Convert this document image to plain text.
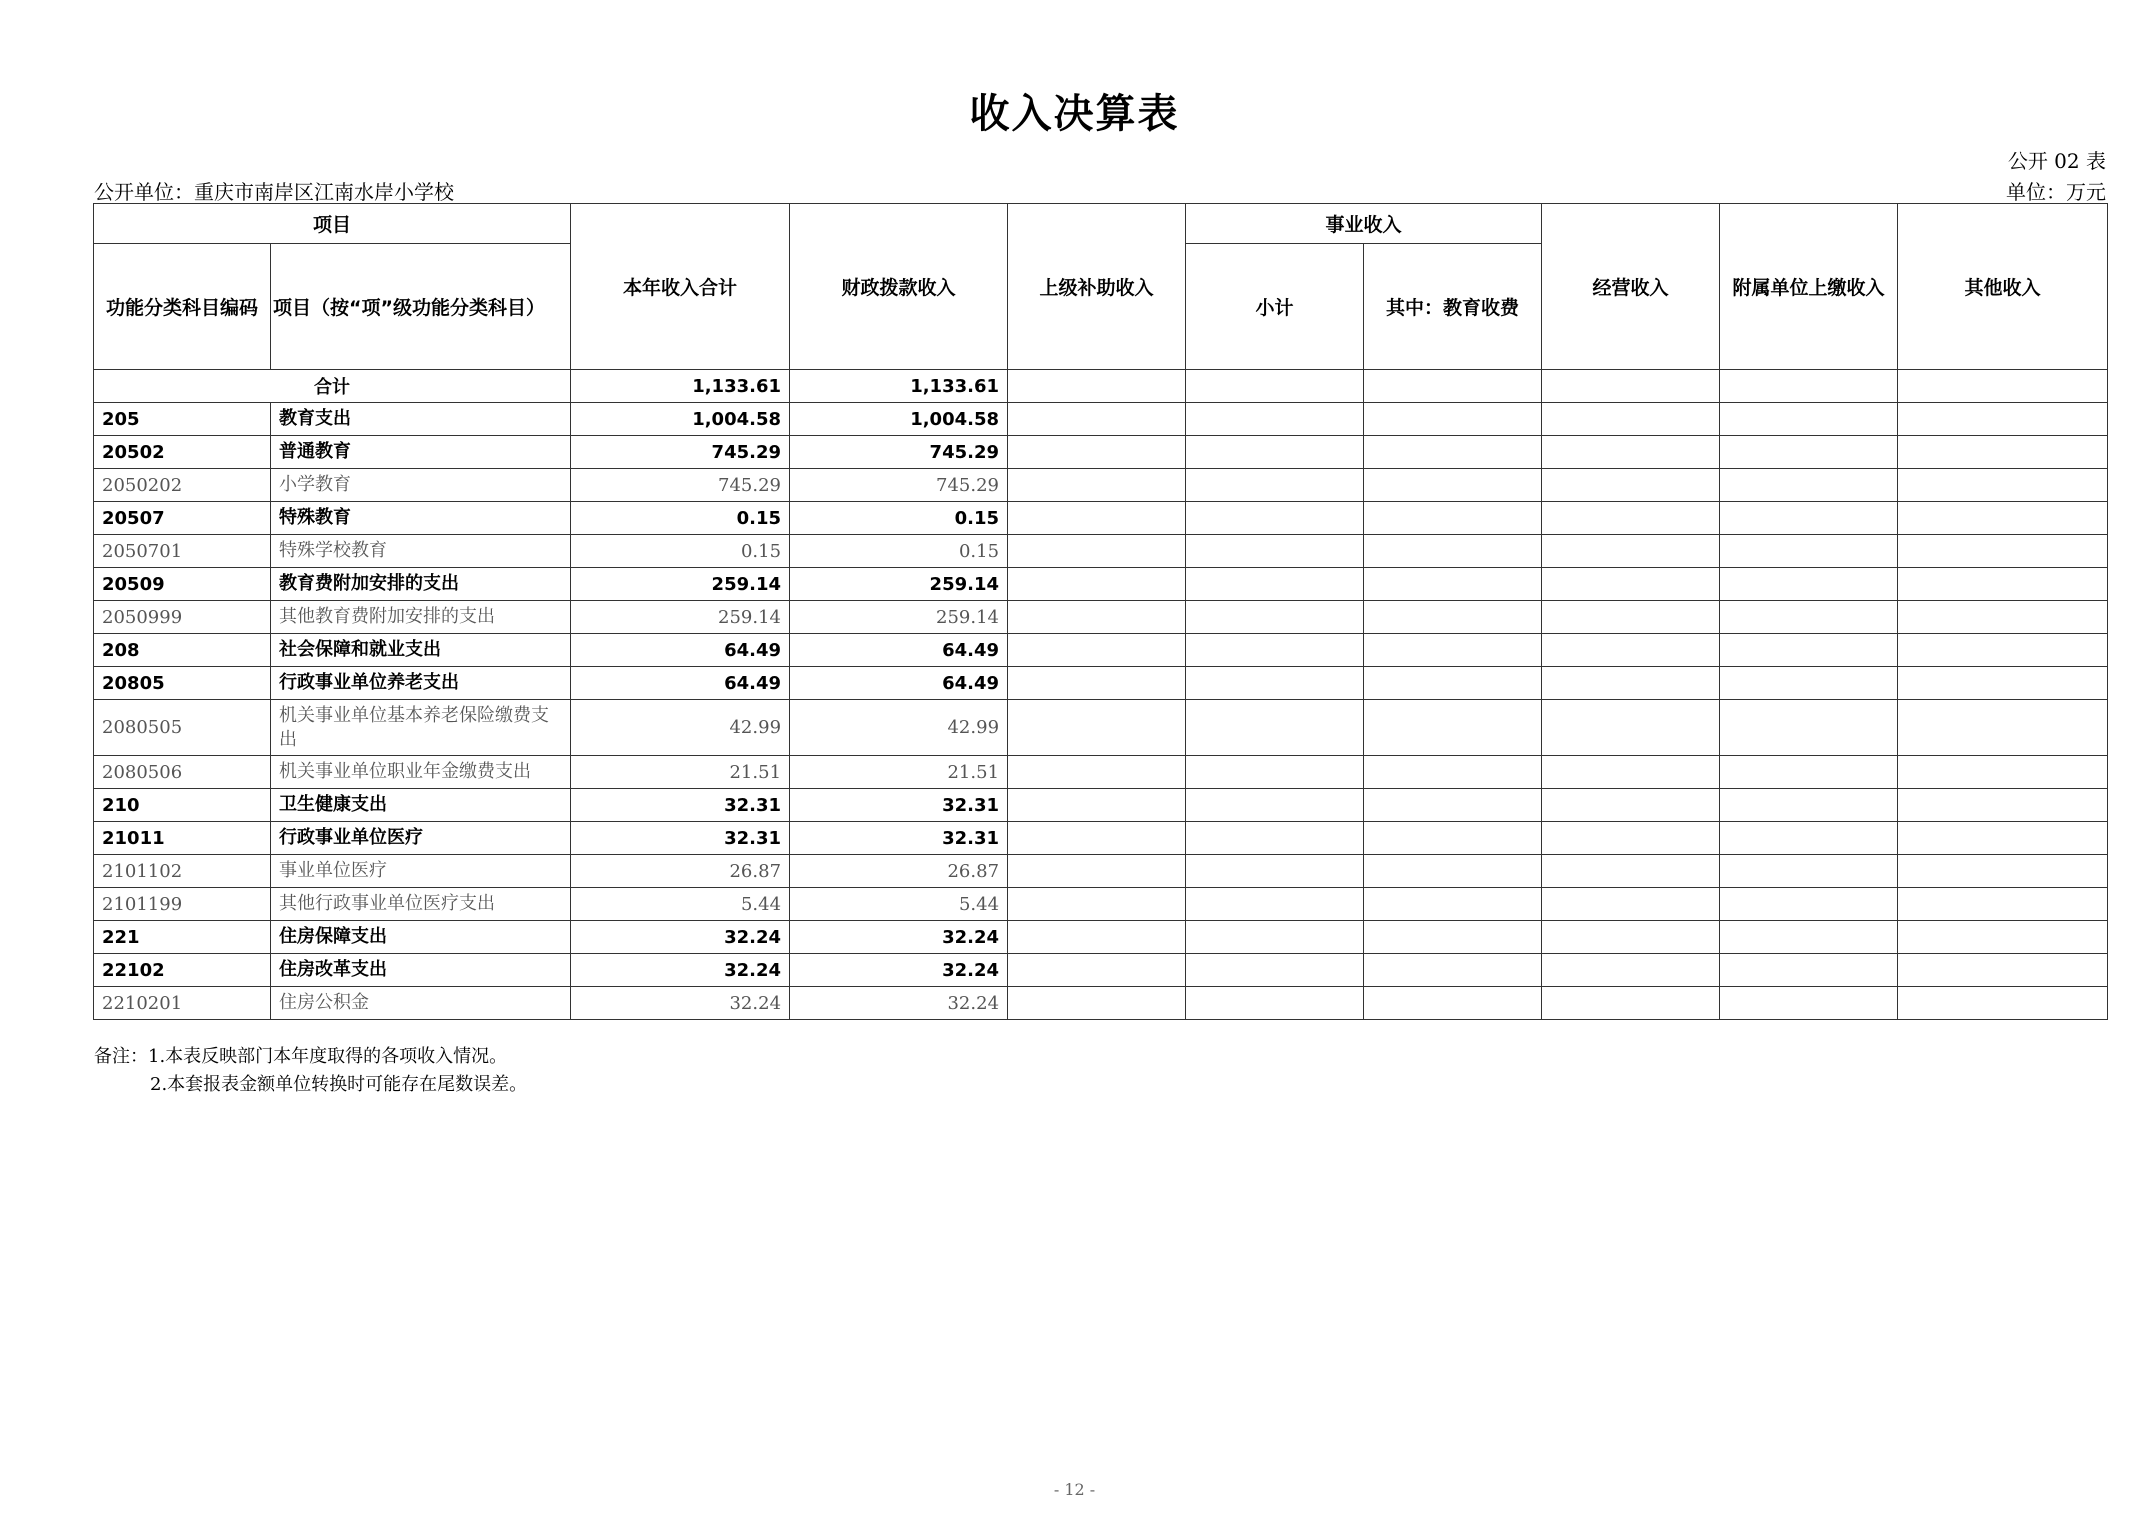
收入决算表
公开 02 表
公开单位：重庆市南岸区江南水岸小学校	单位：万元
项目		本年收入合计	财政拨款收入	上级补助收入	事业收入		经营收入	附属单位上缴收入	其他收入
功能分类科目编码	项目（按“项”级功能分类科目）				小计	其中：教育收费			
合计		1,133.61	1,133.61						
205	教育支出	1,004.58	1,004.58						
20502	普通教育	745.29	745.29						
2050202	小学教育	745.29	745.29						
20507	特殊教育	0.15	0.15						
2050701	特殊学校教育	0.15	0.15						
20509	教育费附加安排的支出	259.14	259.14						
2050999	其他教育费附加安排的支出	259.14	259.14						
208	社会保障和就业支出	64.49	64.49						
20805	行政事业单位养老支出	64.49	64.49						
2080505	机关事业单位基本养老保险缴费支出	42.99	42.99						
2080506	机关事业单位职业年金缴费支出	21.51	21.51						
210	卫生健康支出	32.31	32.31						
21011	行政事业单位医疗	32.31	32.31						
2101102	事业单位医疗	26.87	26.87						
2101199	其他行政事业单位医疗支出	5.44	5.44						
221	住房保障支出	32.24	32.24						
22102	住房改革支出	32.24	32.24						
2210201	住房公积金	32.24	32.24						
备注：1.本表反映部门本年度取得的各项收入情况。
2.本套报表金额单位转换时可能存在尾数误差。
- 12 -
